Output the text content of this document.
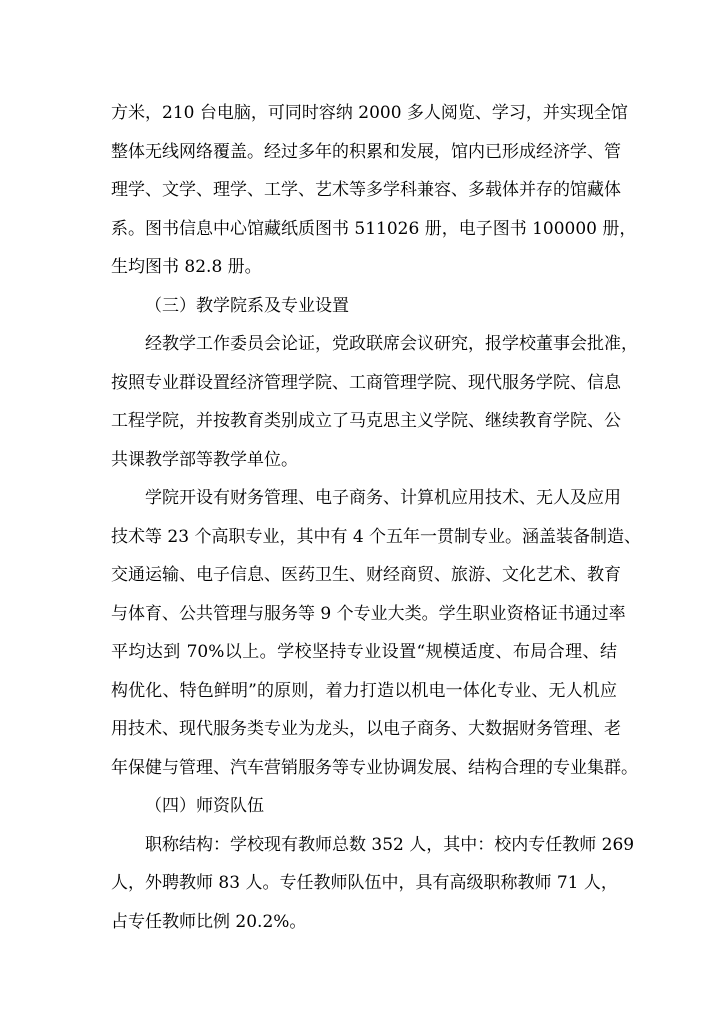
方米，210 台电脑，可同时容纳 2000 多人阅览、学习，并实现全馆
整体无线网络覆盖。经过多年的积累和发展，馆内已形成经济学、管
理学、文学、理学、工学、艺术等多学科兼容、多载体并存的馆藏体
系。图书信息中心馆藏纸质图书 511026 册，电子图书 100000 册，
生均图书 82.8 册。
（三）教学院系及专业设置
经教学工作委员会论证，党政联席会议研究，报学校董事会批准，
按照专业群设置经济管理学院、工商管理学院、现代服务学院、信息
工程学院，并按教育类别成立了马克思主义学院、继续教育学院、公
共课教学部等教学单位。
学院开设有财务管理、电子商务、计算机应用技术、无人及应用
技术等 23 个高职专业，其中有 4 个五年一贯制专业。涵盖装备制造、
交通运输、电子信息、医药卫生、财经商贸、旅游、文化艺术、教育
与体育、公共管理与服务等 9 个专业大类。学生职业资格证书通过率
平均达到 70%以上。学校坚持专业设置“规模适度、布局合理、结
构优化、特色鲜明”的原则，着力打造以机电一体化专业、无人机应
用技术、现代服务类专业为龙头，以电子商务、大数据财务管理、老
年保健与管理、汽车营销服务等专业协调发展、结构合理的专业集群。
（四）师资队伍
职称结构：学校现有教师总数 352 人，其中：校内专任教师 269
人，外聘教师 83 人。专任教师队伍中，具有高级职称教师 71 人，
占专任教师比例 20.2%。
